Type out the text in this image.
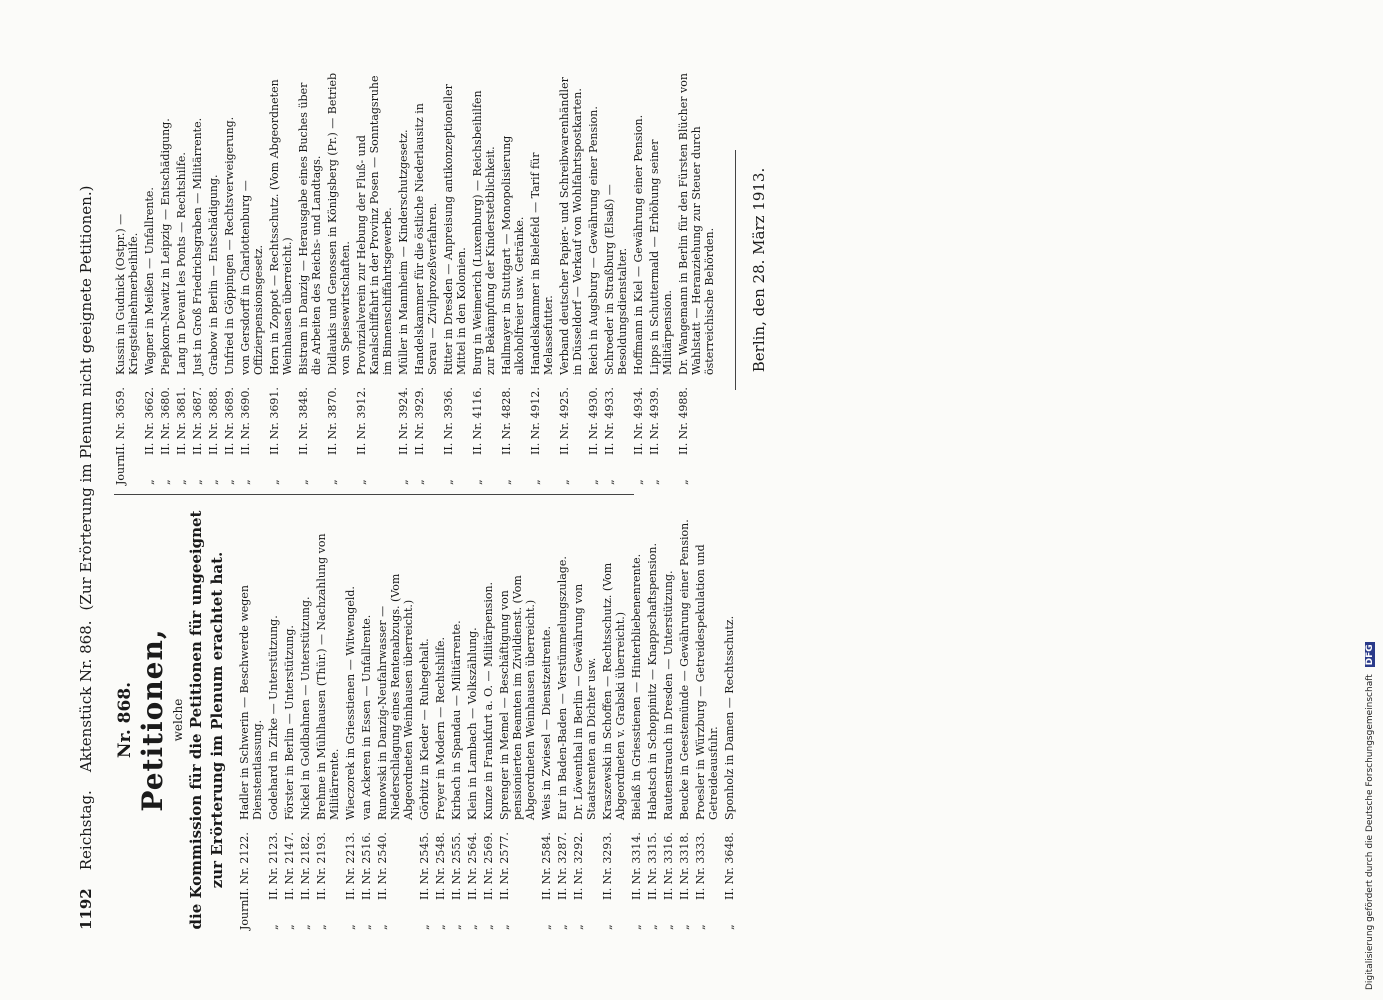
1192
Reichstag.
Aktenstück Nr. 868.
(Zur Erörterung im Plenum nicht geeignete Petitionen.)
Nr. 868. Petitionen, welche die Kommission für die Petitionen für ungeeignet zur Erörterung im Plenum erachtet hat.
Journ.
II. Nr. 2122.
Hadler in Schwerin — Beschwerde wegen Dienstentlassung.
„
II. Nr. 2123.
Godehard in Zirke — Unterstützung.
„
II. Nr. 2147.
Förster in Berlin — Unterstützung.
„
II. Nr. 2182.
Nickel in Goldbahnen — Unterstützung.
„
II. Nr. 2193.
Brehme in Mühlhausen (Thür.) — Nachzahlung von Militärrente.
„
II. Nr. 2213.
Wieczorek in Griesstienen — Witwengeld.
„
II. Nr. 2516.
van Ackeren in Essen — Unfallrente.
„
II. Nr. 2540.
Runowski in Danzig-Neufahrwasser — Niederschlagung eines Rentenabzugs. (Vom Abgeordneten Weinhausen überreicht.)
„
II. Nr. 2545.
Görbitz in Kieder — Ruhegehalt.
„
II. Nr. 2548.
Freyer in Modern — Rechtshilfe.
„
II. Nr. 2555.
Kirbach in Spandau — Militärrente.
„
II. Nr. 2564.
Klein in Lambach — Volkszählung.
„
II. Nr. 2569.
Kunze in Frankfurt a. O. — Militärpension.
„
II. Nr. 2577.
Sprenger in Memel — Beschäftigung von pensionierten Beamten im Zivildienst. (Vom Abgeordneten Weinhausen überreicht.)
„
II. Nr. 2584.
Weis in Zwiesel — Dienstzeitrente.
„
II. Nr. 3287.
Eur in Baden-Baden — Verstümmelungszulage.
„
II. Nr. 3292.
Dr. Löwenthal in Berlin — Gewährung von Staatsrenten an Dichter usw.
„
II. Nr. 3293.
Kraszewski in Schoffen — Rechtsschutz. (Vom Abgeordneten v. Grabski überreicht.)
„
II. Nr. 3314.
Bielaß in Griesstienen — Hinterbliebenenrente.
„
II. Nr. 3315.
Habatsch in Schoppinitz — Knappschaftspension.
„
II. Nr. 3316.
Rautenstrauch in Dresden — Unterstützung.
„
II. Nr. 3318.
Beucke in Geestemünde — Gewährung einer Pension.
„
II. Nr. 3333.
Proesler in Würzburg — Getreidespekulation und Getreideausfuhr.
„
II. Nr. 3648.
Sponholz in Damen — Rechtsschutz.
Journ.
II. Nr. 3659.
Kussin in Gudnick (Ostpr.) — Kriegsteilnehmerbeihilfe.
„
II. Nr. 3662.
Wagner in Meißen — Unfallrente.
„
II. Nr. 3680.
Piepkorn-Nawitz in Leipzig — Entschädigung.
„
II. Nr. 3681.
Lang in Devant les Ponts — Rechtshilfe.
„
II. Nr. 3687.
Just in Groß Friedrichsgraben — Militärrente.
„
II. Nr. 3688.
Grabow in Berlin — Entschädigung.
„
II. Nr. 3689.
Unfried in Göppingen — Rechtsverweigerung.
„
II. Nr. 3690.
von Gersdorff in Charlottenburg — Offizierpensionsgesetz.
„
II. Nr. 3691.
Horn in Zoppot — Rechtsschutz. (Vom Abgeordneten Weinhausen überreicht.)
„
II. Nr. 3848.
Bistram in Danzig — Herausgabe eines Buches über die Arbeiten des Reichs- und Landtags.
„
II. Nr. 3870.
Didlaukis und Genossen in Königsberg (Pr.) — Betrieb von Speisewirtschaften.
„
II. Nr. 3912.
Provinzialverein zur Hebung der Fluß- und Kanalschiffahrt in der Provinz Posen — Sonntagsruhe im Binnenschiffahrtsgewerbe.
„
II. Nr. 3924.
Müller in Mannheim — Kinderschutzgesetz.
„
II. Nr. 3929.
Handelskammer für die östliche Niederlausitz in Sorau — Zivilprozeßverfahren.
„
II. Nr. 3936.
Ritter in Dresden — Anpreisung antikonzeptioneller Mittel in den Kolonien.
„
II. Nr. 4116.
Burg in Weimerich (Luxemburg) — Reichsbeihilfen zur Bekämpfung der Kinderstetblichkeit.
„
II. Nr. 4828.
Hallmayer in Stuttgart — Monopolisierung alkoholfreier usw. Getränke.
„
II. Nr. 4912.
Handelskammer in Bielefeld — Tarif für Melassefutter.
„
II. Nr. 4925.
Verband deutscher Papier- und Schreibwarenhändler in Düsseldorf — Verkauf von Wohlfahrtspostkarten.
„
II. Nr. 4930.
Reich in Augsburg — Gewährung einer Pension.
„
II. Nr. 4933.
Schroeder in Straßburg (Elsaß) — Besoldungsdienstalter.
„
II. Nr. 4934.
Hoffmann in Kiel — Gewährung einer Pension.
„
II. Nr. 4939.
Lipps in Schuttermald — Erhöhung seiner Militärpension.
„
II. Nr. 4988.
Dr. Wangemann in Berlin für den Fürsten Blücher von Wahlstatt — Heranziehung zur Steuer durch österreichische Behörden. Berlin, den 28. März 1913.
Digitalisierung gefördert durch die Deutsche Forschungsgemeinschaft DFG
